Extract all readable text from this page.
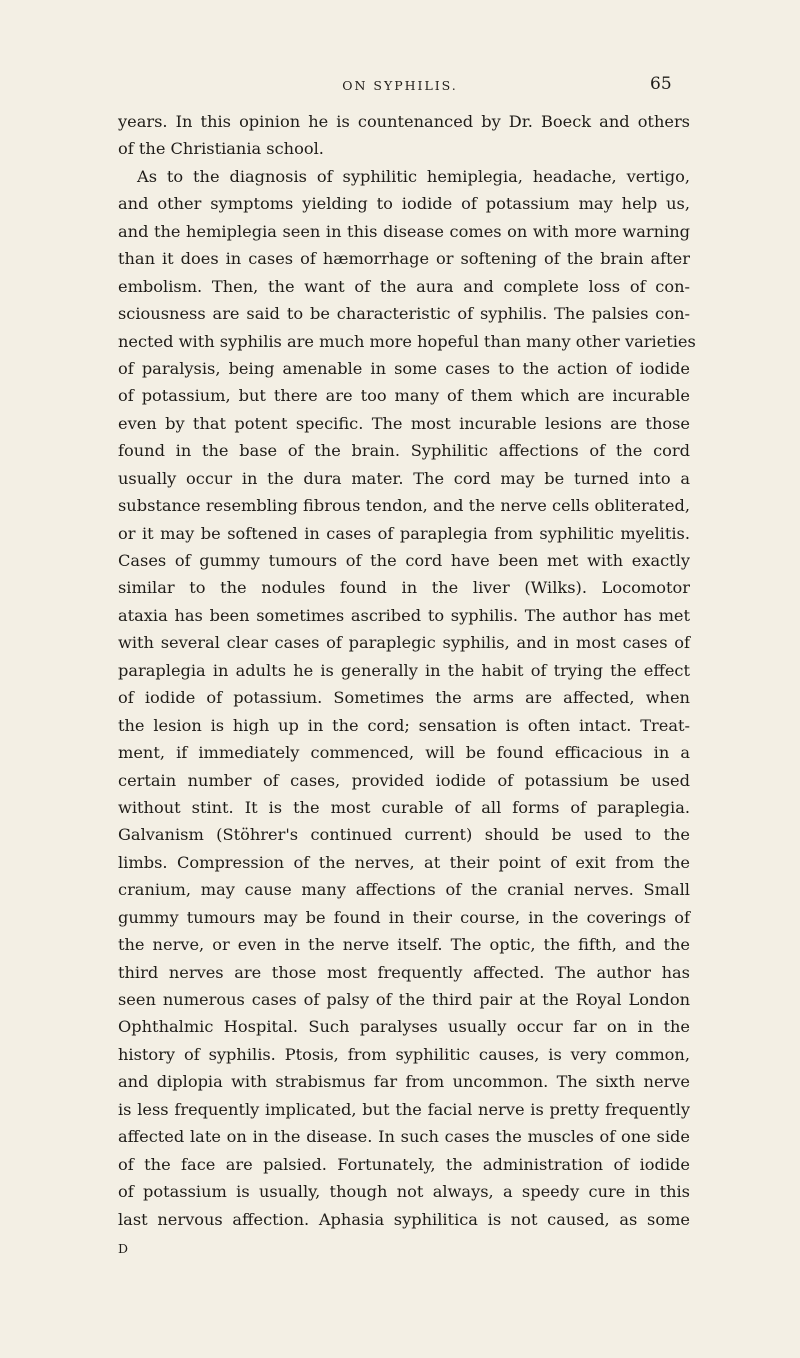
ON SYPHILIS.	65
years. In this opinion he is countenanced by Dr. Boeck and others
of the Christiania school.
As to the diagnosis of syphilitic hemiplegia, headache, vertigo,
and other symptoms yielding to iodide of potassium may help us,
and the hemiplegia seen in this disease comes on with more warning
than it does in cases of hæmorrhage or softening of the brain after
embolism. Then, the want of the aura and complete loss of con-
sciousness are said to be characteristic of syphilis. The palsies con-
nected with syphilis are much more hopeful than many other varieties
of paralysis, being amenable in some cases to the action of iodide
of potassium, but there are too many of them which are incurable
even by that potent specific. The most incurable lesions are those
found in the base of the brain. Syphilitic affections of the cord
usually occur in the dura mater. The cord may be turned into a
substance resembling fibrous tendon, and the nerve cells obliterated,
or it may be softened in cases of paraplegia from syphilitic myelitis.
Cases of gummy tumours of the cord have been met with exactly
similar to the nodules found in the liver (Wilks). Locomotor
ataxia has been sometimes ascribed to syphilis. The author has met
with several clear cases of paraplegic syphilis, and in most cases of
paraplegia in adults he is generally in the habit of trying the effect
of iodide of potassium. Sometimes the arms are affected, when
the lesion is high up in the cord; sensation is often intact. Treat-
ment, if immediately commenced, will be found efficacious in a
certain number of cases, provided iodide of potassium be used
without stint. It is the most curable of all forms of paraplegia.
Galvanism (Stöhrer's continued current) should be used to the
limbs. Compression of the nerves, at their point of exit from the
cranium, may cause many affections of the cranial nerves. Small
gummy tumours may be found in their course, in the coverings of
the nerve, or even in the nerve itself. The optic, the fifth, and the
third nerves are those most frequently affected. The author has
seen numerous cases of palsy of the third pair at the Royal London
Ophthalmic Hospital. Such paralyses usually occur far on in the
history of syphilis. Ptosis, from syphilitic causes, is very common,
and diplopia with strabismus far from uncommon. The sixth nerve
is less frequently implicated, but the facial nerve is pretty frequently
affected late on in the disease. In such cases the muscles of one side
of the face are palsied. Fortunately, the administration of iodide
of potassium is usually, though not always, a speedy cure in this
last nervous affection. Aphasia syphilitica is not caused, as some
D
